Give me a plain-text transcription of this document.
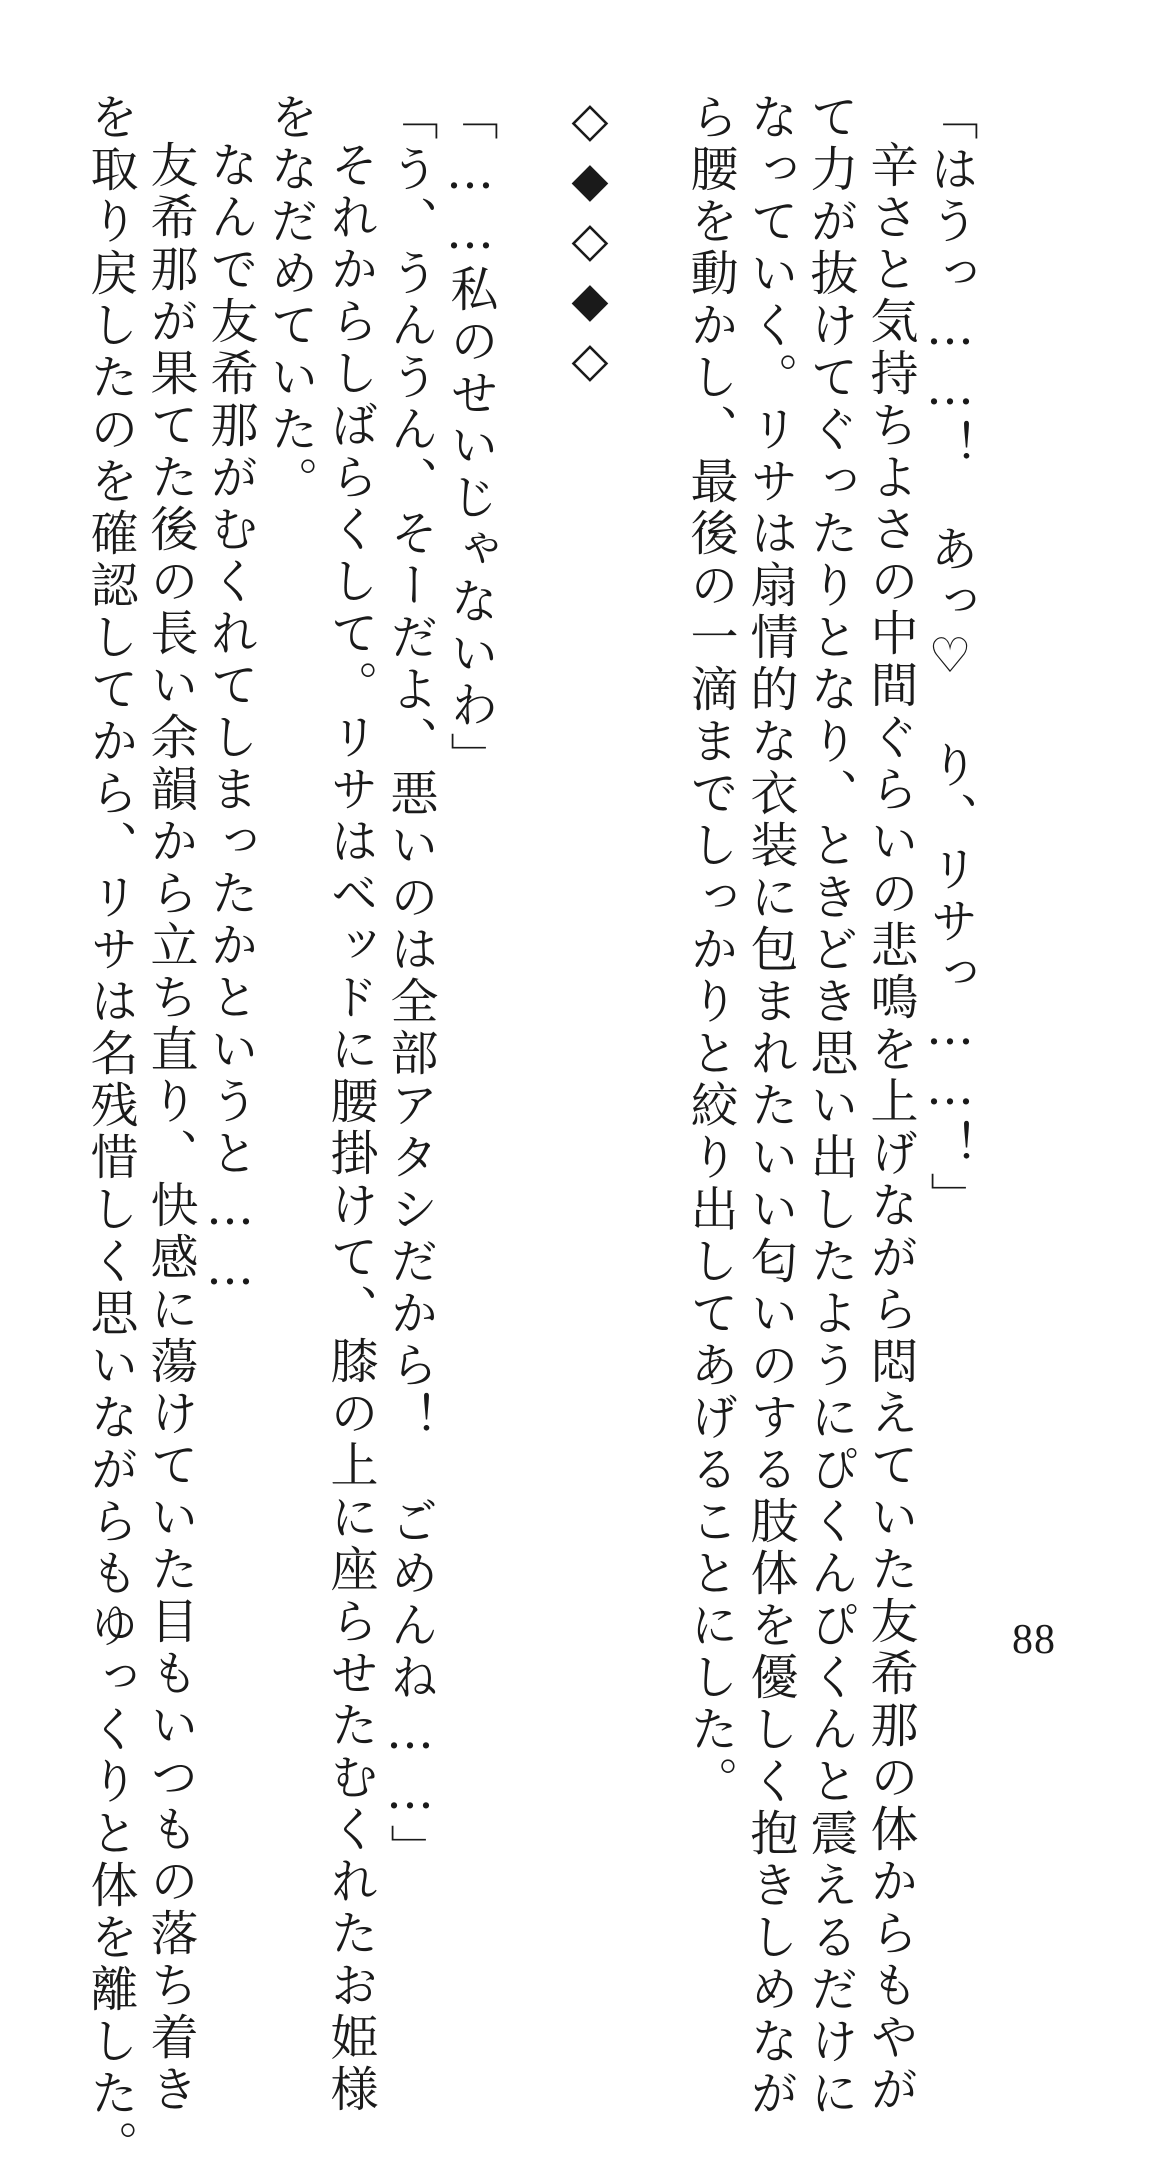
「はうっ……！　あっ♡　り、リサっ……！」
辛さと気持ちよさの中間ぐらいの悲鳴を上げながら悶えていた友希那の体からもやが
て力が抜けてぐったりとなり、ときどき思い出したようにぴくんぴくんと震えるだけに
なっていく。リサは扇情的な衣装に包まれたいい匂いのする肢体を優しく抱きしめなが
ら腰を動かし、最後の一滴までしっかりと絞り出してあげることにした。
◇◆◇◆◇
「……私のせいじゃないわ」
「う、うんうん、そーだよ、悪いのは全部アタシだから！　ごめんね……」
それからしばらくして。リサはベッドに腰掛けて、膝の上に座らせたむくれたお姫様
をなだめていた。
なんで友希那がむくれてしまったかというと……
友希那が果てた後の長い余韻から立ち直り、快感に蕩けていた目もいつもの落ち着き
を取り戻したのを確認してから、リサは名残惜しく思いながらもゆっくりと体を離した。	88
